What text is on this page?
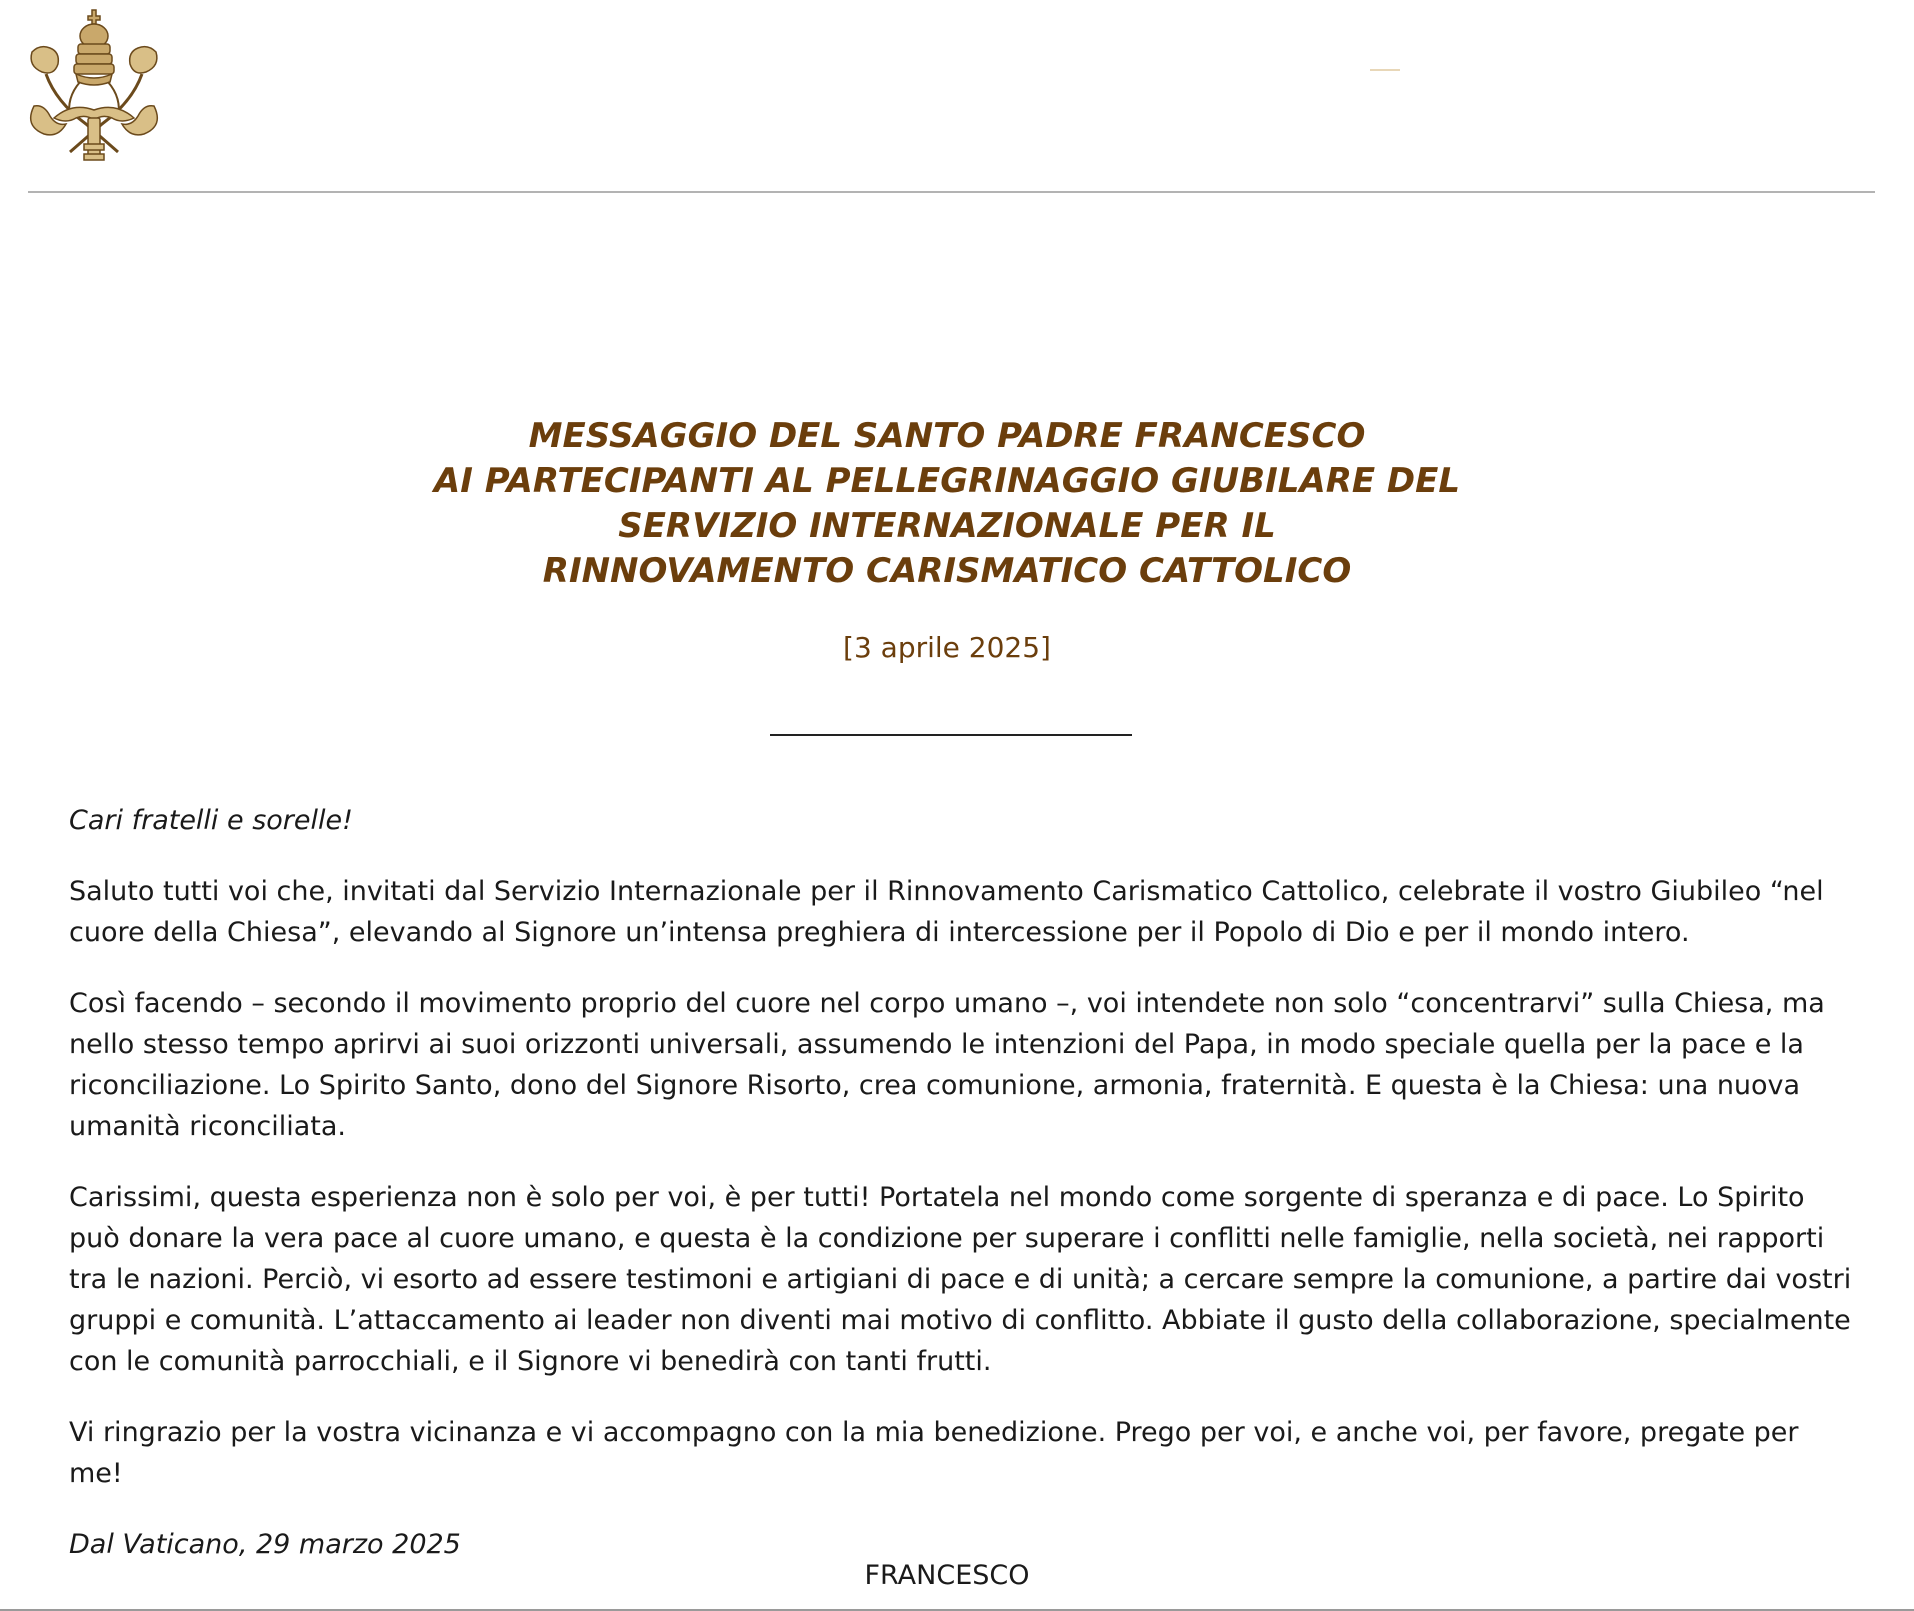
MESSAGGIO DEL SANTO PADRE FRANCESCO
AI PARTECIPANTI AL PELLEGRINAGGIO GIUBILARE DEL
SERVIZIO INTERNAZIONALE PER IL
RINNOVAMENTO CARISMATICO CATTOLICO
[3 aprile 2025]

Cari fratelli e sorelle!

Saluto tutti voi che, invitati dal Servizio Internazionale per il Rinnovamento Carismatico Cattolico, celebrate il vostro Giubileo “nel cuore della Chiesa”, elevando al Signore un’intensa preghiera di intercessione per il Popolo di Dio e per il mondo intero.

Così facendo – secondo il movimento proprio del cuore nel corpo umano –, voi intendete non solo “concentrarvi” sulla Chiesa, ma nello stesso tempo aprirvi ai suoi orizzonti universali, assumendo le intenzioni del Papa, in modo speciale quella per la pace e la riconciliazione. Lo Spirito Santo, dono del Signore Risorto, crea comunione, armonia, fraternità. E questa è la Chiesa: una nuova umanità riconciliata.

Carissimi, questa esperienza non è solo per voi, è per tutti! Portatela nel mondo come sorgente di speranza e di pace. Lo Spirito può donare la vera pace al cuore umano, e questa è la condizione per superare i conflitti nelle famiglie, nella società, nei rapporti tra le nazioni. Perciò, vi esorto ad essere testimoni e artigiani di pace e di unità; a cercare sempre la comunione, a partire dai vostri gruppi e comunità. L’attaccamento ai leader non diventi mai motivo di conflitto. Abbiate il gusto della collaborazione, specialmente con le comunità parrocchiali, e il Signore vi benedirà con tanti frutti.

Vi ringrazio per la vostra vicinanza e vi accompagno con la mia benedizione. Prego per voi, e anche voi, per favore, pregate per me!

Dal Vaticano, 29 marzo 2025

FRANCESCO
